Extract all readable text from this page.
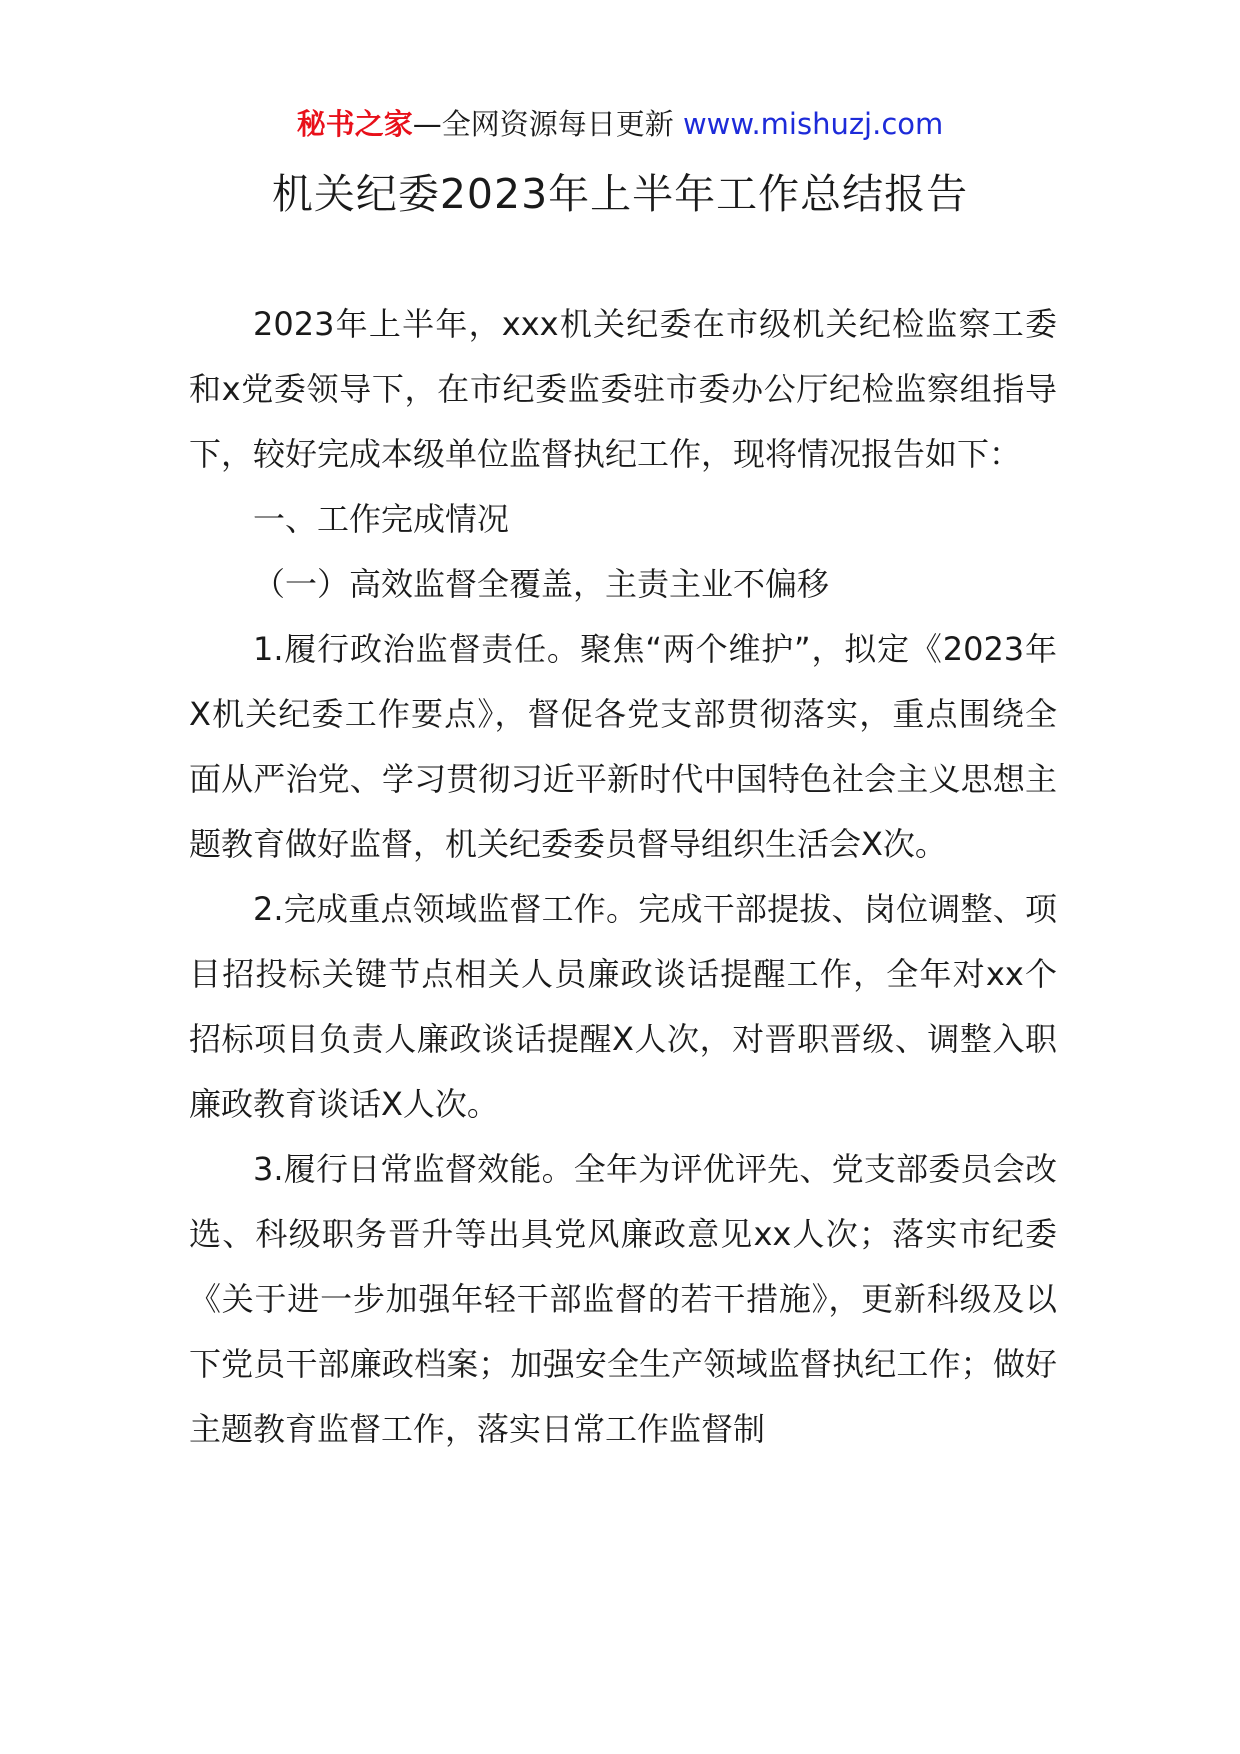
秘书之家—全网资源每日更新 www.mishuzj.com
机关纪委2023年上半年工作总结报告

2023年上半年，xxx机关纪委在市级机关纪检监察工委和x党委领导下，在市纪委监委驻市委办公厅纪检监察组指导下，较好完成本级单位监督执纪工作，现将情况报告如下：

一、工作完成情况

（一）高效监督全覆盖，主责主业不偏移

1.履行政治监督责任。聚焦“两个维护”，拟定《2023年X机关纪委工作要点》，督促各党支部贯彻落实，重点围绕全面从严治党、学习贯彻习近平新时代中国特色社会主义思想主题教育做好监督，机关纪委委员督导组织生活会X次。

2.完成重点领域监督工作。完成干部提拔、岗位调整、项目招投标关键节点相关人员廉政谈话提醒工作，全年对xx个招标项目负责人廉政谈话提醒X人次，对晋职晋级、调整入职廉政教育谈话X人次。

3.履行日常监督效能。全年为评优评先、党支部委员会改选、科级职务晋升等出具党风廉政意见xx人次；落实市纪委《关于进一步加强年轻干部监督的若干措施》，更新科级及以下党员干部廉政档案；加强安全生产领域监督执纪工作；做好主题教育监督工作，落实日常工作监督制
